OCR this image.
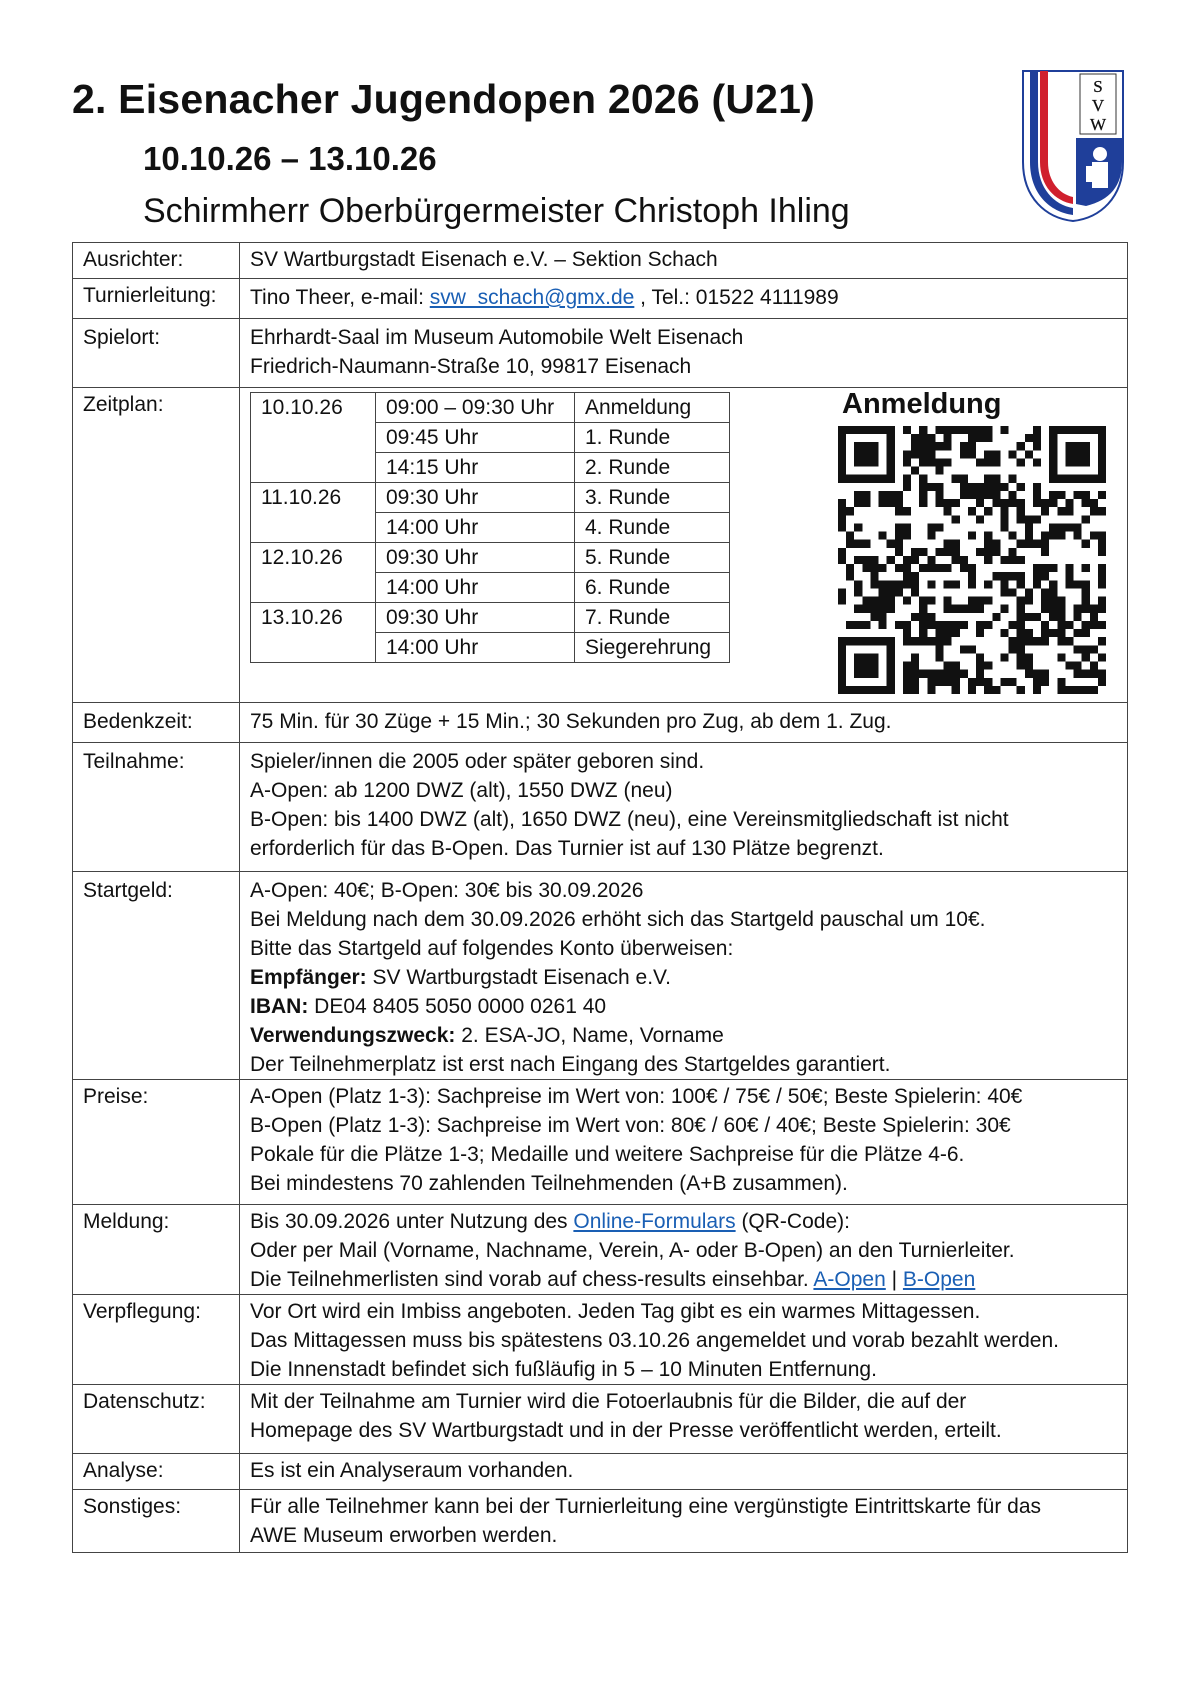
2. Eisenacher Jugendopen 2026 (U21)
10.10.26 – 13.10.26
Schirmherr Oberbürgermeister Christoph Ihling
S
V
W
Ausrichter:	SV Wartburgstadt Eisenach e.V. – Sektion Schach
Turnierleitung:	Tino Theer, e-mail: svw_schach@gmx.de , Tel.: 01522 4111989
Spielort:	Ehrhardt-Saal im Museum Automobile Welt Eisenach
Friedrich-Naumann-Straße 10, 99817 Eisenach

Zeitplan:		10.10.26	09:00 – 09:30 Uhr	Anmeldung
	09:45 Uhr	1. Runde
	14:15 Uhr	2. Runde
11.10.26	09:30 Uhr	3. Runde
	14:00 Uhr	4. Runde
12.10.26	09:30 Uhr	5. Runde
	14:00 Uhr	6. Runde
13.10.26	09:30 Uhr	7. Runde
	14:00 Uhr	Siegerehrung
Anmeldung

Bedenkzeit:	75 Min. für 30 Züge + 15 Min.; 30 Sekunden pro Zug, ab dem 1. Zug.
Teilnahme:	Spieler/innen die 2005 oder später geboren sind.
A-Open: ab 1200 DWZ (alt), 1550 DWZ (neu)
B-Open: bis 1400 DWZ (alt), 1650 DWZ (neu), eine Vereinsmitgliedschaft ist nicht
erforderlich für das B-Open. Das Turnier ist auf 130 Plätze begrenzt.

Startgeld:	A-Open: 40€; B-Open: 30€ bis 30.09.2026
Bei Meldung nach dem 30.09.2026 erhöht sich das Startgeld pauschal um 10€.
Bitte das Startgeld auf folgendes Konto überweisen:
Empfänger: SV Wartburgstadt Eisenach e.V.
IBAN: DE04 8405 5050 0000 0261 40
Verwendungszweck: 2. ESA-JO, Name, Vorname
Der Teilnehmerplatz ist erst nach Eingang des Startgeldes garantiert.

Preise:	A-Open (Platz 1-3): Sachpreise im Wert von: 100€ / 75€ / 50€; Beste Spielerin: 40€
B-Open (Platz 1-3): Sachpreise im Wert von: 80€ / 60€ / 40€; Beste Spielerin: 30€
Pokale für die Plätze 1-3; Medaille und weitere Sachpreise für die Plätze 4-6.
Bei mindestens 70 zahlenden Teilnehmenden (A+B zusammen).

Meldung:	Bis 30.09.2026 unter Nutzung des Online-Formulars (QR-Code):
Oder per Mail (Vorname, Nachname, Verein, A- oder B-Open) an den Turnierleiter.
Die Teilnehmerlisten sind vorab auf chess-results einsehbar. A-Open | B-Open

Verpflegung:	Vor Ort wird ein Imbiss angeboten. Jeden Tag gibt es ein warmes Mittagessen.
Das Mittagessen muss bis spätestens 03.10.26 angemeldet und vorab bezahlt werden.
Die Innenstadt befindet sich fußläufig in 5 – 10 Minuten Entfernung.

Datenschutz:	Mit der Teilnahme am Turnier wird die Fotoerlaubnis für die Bilder, die auf der
Homepage des SV Wartburgstadt und in der Presse veröffentlicht werden, erteilt.

Analyse:	Es ist ein Analyseraum vorhanden.
Sonstiges:	Für alle Teilnehmer kann bei der Turnierleitung eine vergünstigte Eintrittskarte für das
AWE Museum erworben werden.
